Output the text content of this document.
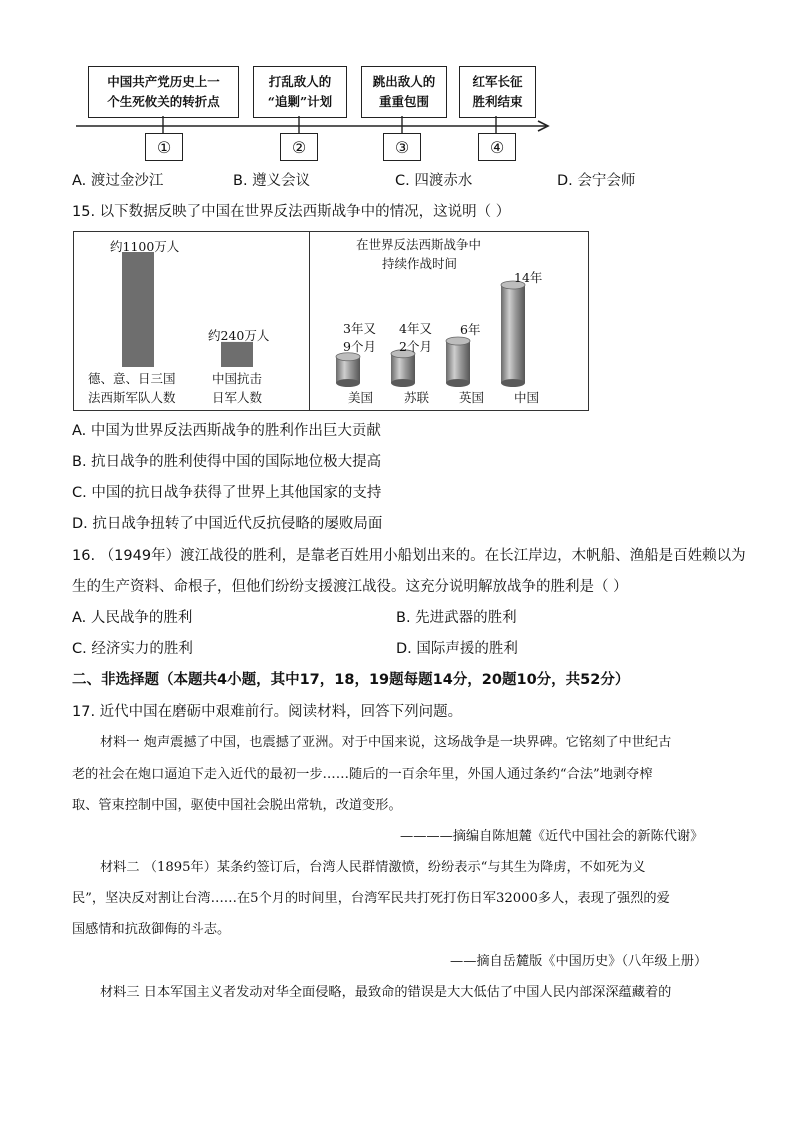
中国共产党历史上一
个生死攸关的转折点
打乱敌人的
“追剿”计划
跳出敌人的
重重包围
红军长征
胜利结束
①	②	③	④
A. 渡过金沙江	B. 遵义会议	C. 四渡赤水	D. 会宁会师
15. 以下数据反映了中国在世界反法西斯战争中的情况，这说明（ ）
约1100万人
约240万人
德、意、日三国
法西斯军队人数
中国抗击
日军人数
在世界反法西斯战争中
持续作战时间
3年又
9个月
4年又
2个月
6年
14年
美国 苏联 英国 中国
A. 中国为世界反法西斯战争的胜利作出巨大贡献
B. 抗日战争的胜利使得中国的国际地位极大提高
C. 中国的抗日战争获得了世界上其他国家的支持
D. 抗日战争扭转了中国近代反抗侵略的屡败局面
16. （1949年）渡江战役的胜利，是靠老百姓用小船划出来的。在长江岸边，木帆船、渔船是百姓赖以为
生的生产资料、命根子，但他们纷纷支援渡江战役。这充分说明解放战争的胜利是（ ）
A. 人民战争的胜利	B. 先进武器的胜利
C. 经济实力的胜利	D. 国际声援的胜利
二、非选择题（本题共4小题，其中17，18，19题每题14分，20题10分，共52分）
17. 近代中国在磨砺中艰难前行。阅读材料，回答下列问题。
材料一 炮声震撼了中国，也震撼了亚洲。对于中国来说，这场战争是一块界碑。它铭刻了中世纪古
老的社会在炮口逼迫下走入近代的最初一步……随后的一百余年里，外国人通过条约“合法”地剥夺榨
取、管束控制中国，驱使中国社会脱出常轨，改道变形。
————摘编自陈旭麓《近代中国社会的新陈代谢》
材料二 （1895年）某条约签订后，台湾人民群情激愤，纷纷表示“与其生为降虏，不如死为义
民”，坚决反对割让台湾……在5个月的时间里，台湾军民共打死打伤日军32000多人，表现了强烈的爱
国感情和抗敌御侮的斗志。
——摘自岳麓版《中国历史》（八年级上册）
材料三 日本军国主义者发动对华全面侵略，最致命的错误是大大低估了中国人民内部深深蕴藏着的
